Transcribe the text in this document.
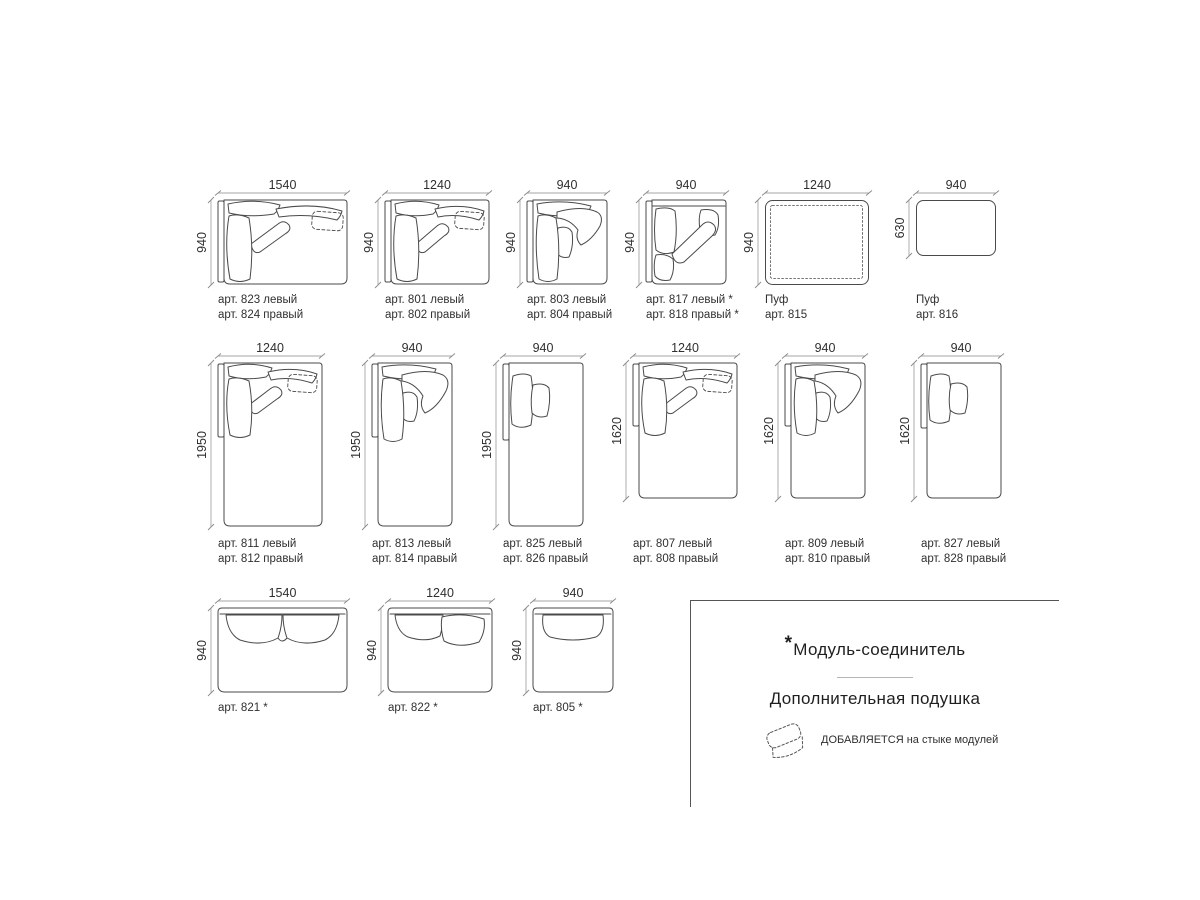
1540
940
арт. 823 левый
арт. 824 правый
1240
940
арт. 801 левый
арт. 802 правый
940
940
арт. 803 левый
арт. 804 правый
940
940
арт. 817 левый *
арт. 818 правый *
1240
940
Пуф
арт. 815
940
630
Пуф
арт. 816
1240
1950
арт. 811 левый
арт. 812 правый
940
1950
арт. 813 левый
арт. 814 правый
940
1950
арт. 825 левый
арт. 826 правый
1240
1620
арт. 807 левый
арт. 808 правый
940
1620
арт. 809 левый
арт. 810 правый
940
1620
арт. 827 левый
арт. 828 правый
1540
940
арт. 821 *
1240
940
арт. 822 *
940
940
арт. 805 *
*Модуль-соединитель
Дополнительная подушка
ДОБАВЛЯЕТСЯ на стыке модулей
